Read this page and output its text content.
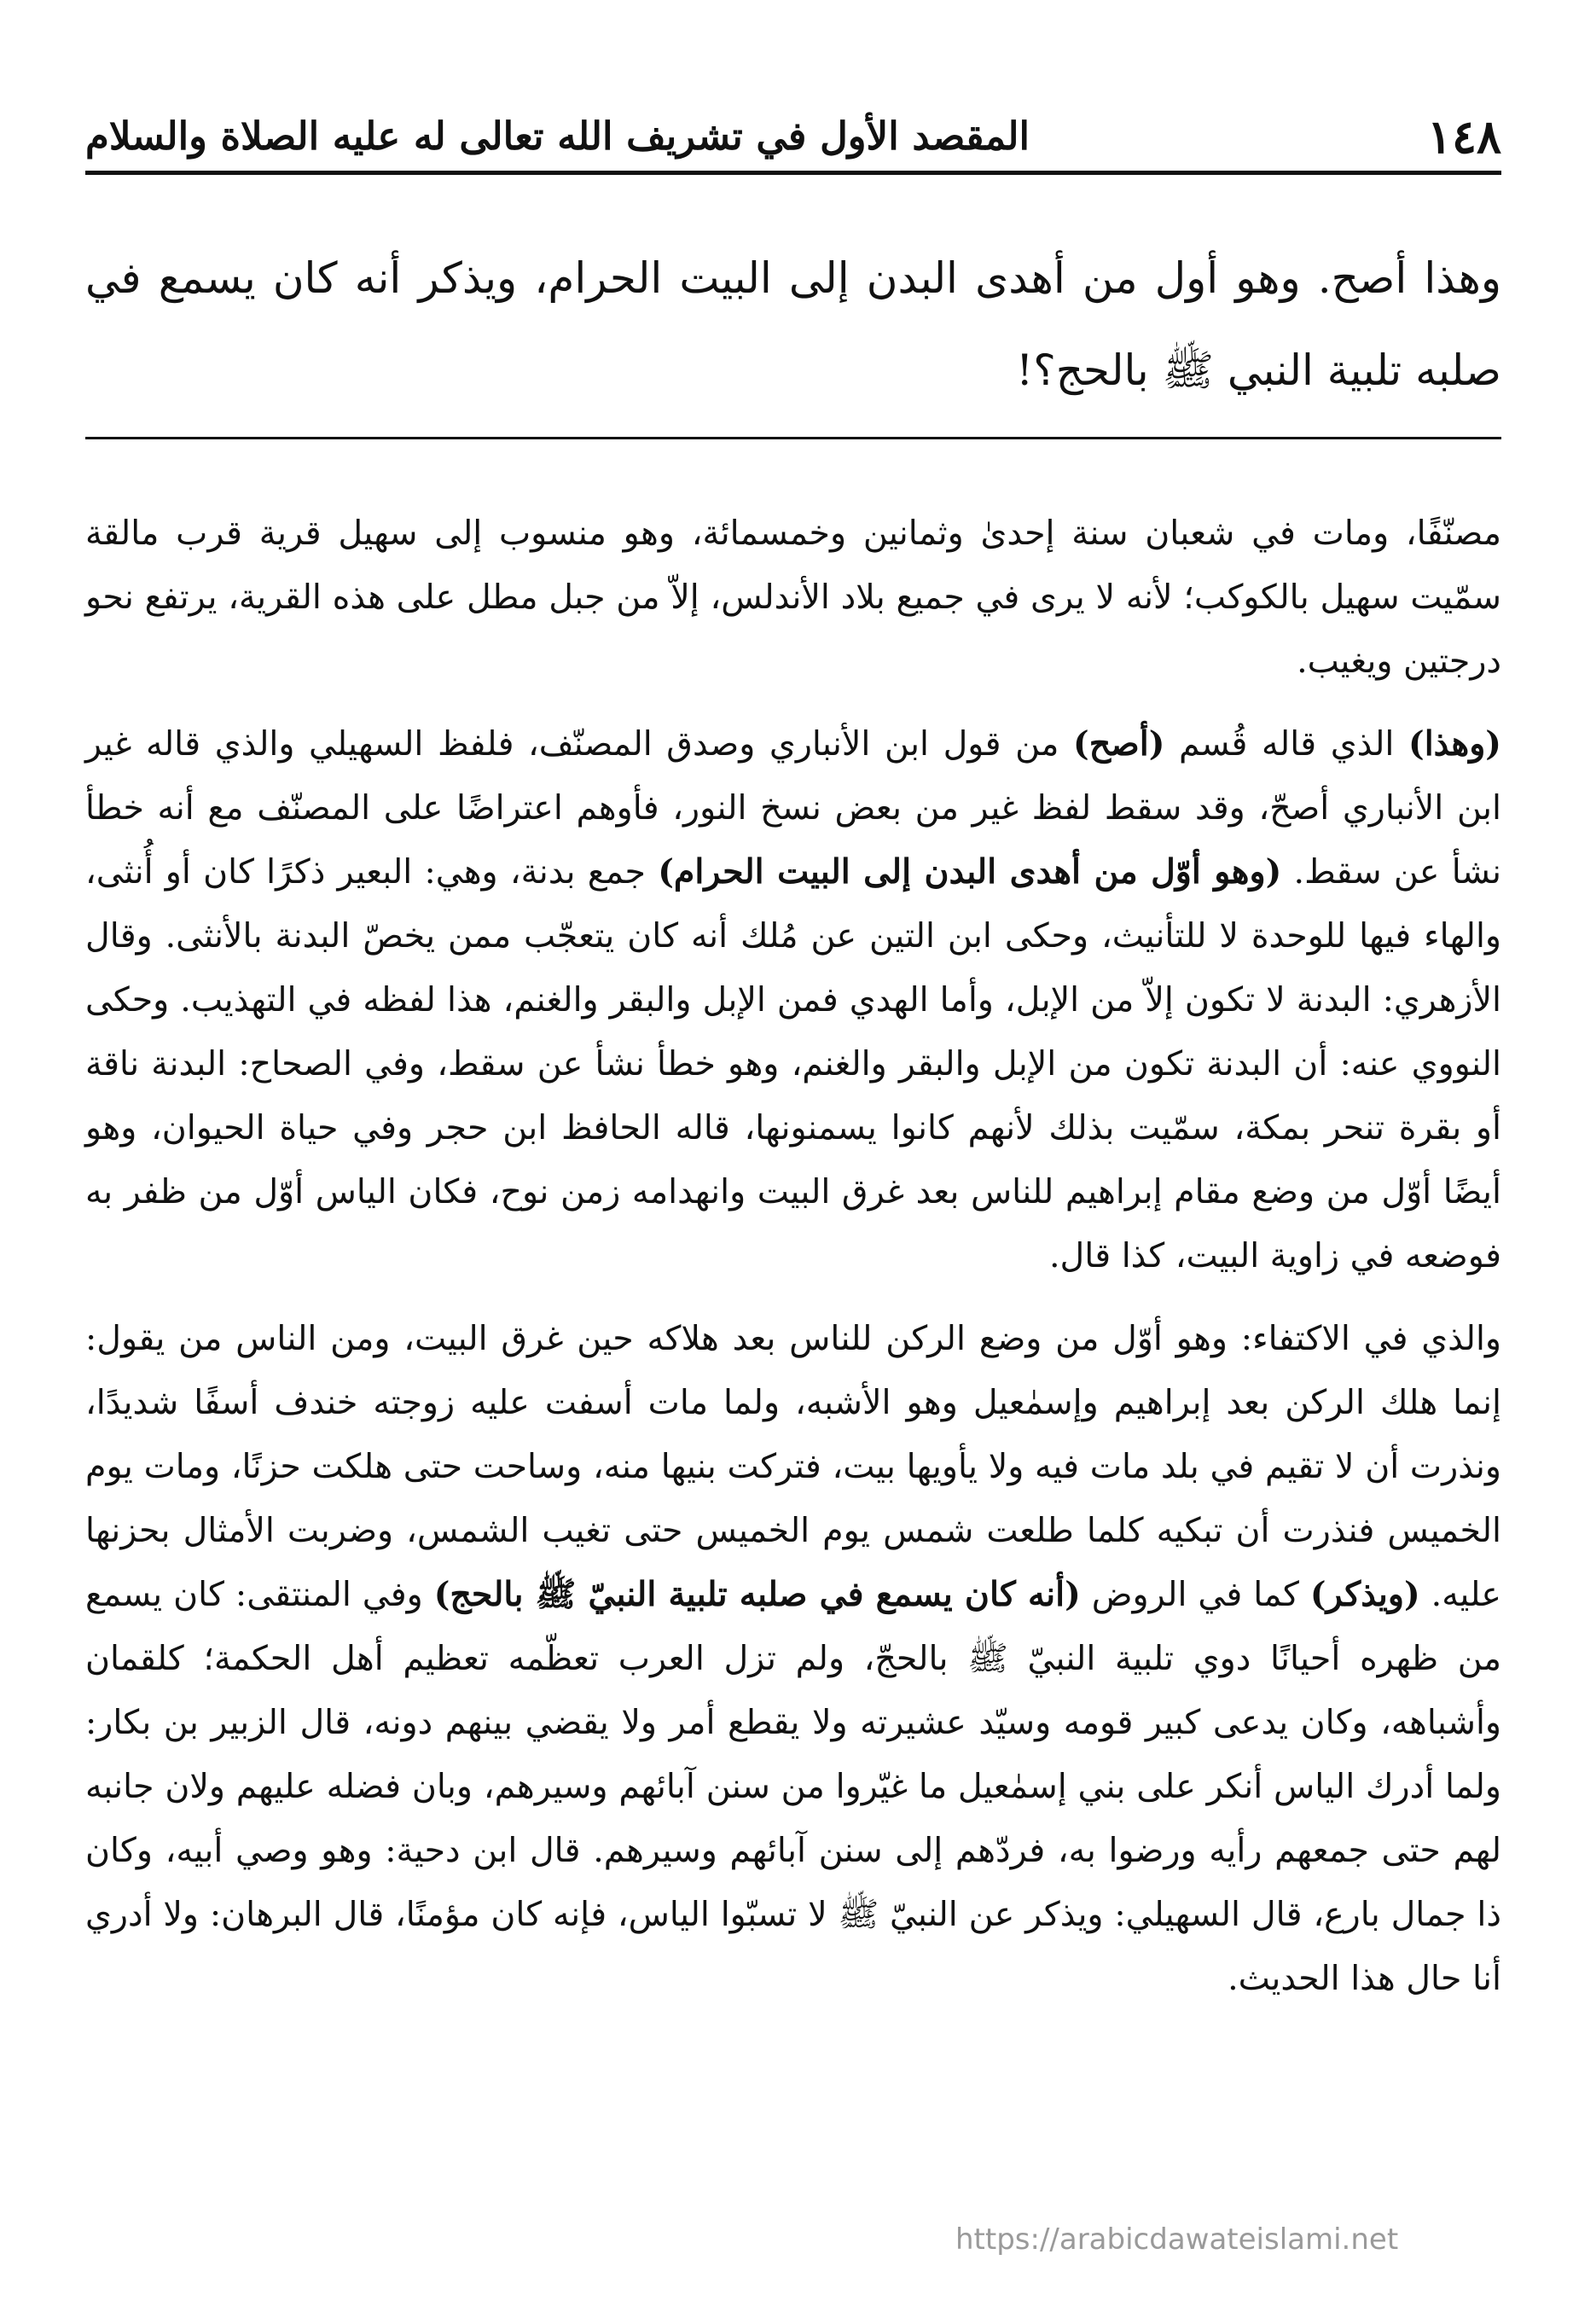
١٤٨
المقصد الأول في تشريف الله تعالى له عليه الصلاة والسلام
وهذا أصح. وهو أول من أهدى البدن إلى البيت الحرام، ويذكر أنه كان يسمع في صلبه تلبية النبي ﷺ بالحج؟!

مصنّفًا، ومات في شعبان سنة إحدىٰ وثمانين وخمسمائة، وهو منسوب إلى سهيل قرية قرب مالقة سمّيت سهيل بالكوكب؛ لأنه لا يرى في جميع بلاد الأندلس، إلاّ من جبل مطل على هذه القرية، يرتفع نحو درجتين ويغيب.

(وهذا) الذي قاله قُسم (أصح) من قول ابن الأنباري وصدق المصنّف، فلفظ السهيلي والذي قاله غير ابن الأنباري أصحّ، وقد سقط لفظ غير من بعض نسخ النور، فأوهم اعتراضًا على المصنّف مع أنه خطأ نشأ عن سقط. (وهو أوّل من أهدى البدن إلى البيت الحرام) جمع بدنة، وهي: البعير ذكرًا كان أو أُنثى، والهاء فيها للوحدة لا للتأنيث، وحكى ابن التين عن مُلك أنه كان يتعجّب ممن يخصّ البدنة بالأنثى. وقال الأزهري: البدنة لا تكون إلاّ من الإبل، وأما الهدي فمن الإبل والبقر والغنم، هذا لفظه في التهذيب. وحكى النووي عنه: أن البدنة تكون من الإبل والبقر والغنم، وهو خطأ نشأ عن سقط، وفي الصحاح: البدنة ناقة أو بقرة تنحر بمكة، سمّيت بذلك لأنهم كانوا يسمنونها، قاله الحافظ ابن حجر وفي حياة الحيوان، وهو أيضًا أوّل من وضع مقام إبراهيم للناس بعد غرق البيت وانهدامه زمن نوح، فكان الياس أوّل من ظفر به فوضعه في زاوية البيت، كذا قال.

والذي في الاكتفاء: وهو أوّل من وضع الركن للناس بعد هلاكه حين غرق البيت، ومن الناس من يقول: إنما هلك الركن بعد إبراهيم وإسمٰعيل وهو الأشبه، ولما مات أسفت عليه زوجته خندف أسفًا شديدًا، ونذرت أن لا تقيم في بلد مات فيه ولا يأويها بيت، فتركت بنيها منه، وساحت حتى هلكت حزنًا، ومات يوم الخميس فنذرت أن تبكيه كلما طلعت شمس يوم الخميس حتى تغيب الشمس، وضربت الأمثال بحزنها عليه. (ويذكر) كما في الروض (أنه كان يسمع في صلبه تلبية النبيّ ﷺ بالحج) وفي المنتقى: كان يسمع من ظهره أحيانًا دوي تلبية النبيّ ﷺ بالحجّ، ولم تزل العرب تعظّمه تعظيم أهل الحكمة؛ كلقمان وأشباهه، وكان يدعى كبير قومه وسيّد عشيرته ولا يقطع أمر ولا يقضي بينهم دونه، قال الزبير بن بكار: ولما أدرك الياس أنكر على بني إسمٰعيل ما غيّروا من سنن آبائهم وسيرهم، وبان فضله عليهم ولان جانبه لهم حتى جمعهم رأيه ورضوا به، فردّهم إلى سنن آبائهم وسيرهم. قال ابن دحية: وهو وصي أبيه، وكان ذا جمال بارع، قال السهيلي: ويذكر عن النبيّ ﷺ لا تسبّوا الياس، فإنه كان مؤمنًا، قال البرهان: ولا أدري أنا حال هذا الحديث.

https://arabicdawateislami.net
